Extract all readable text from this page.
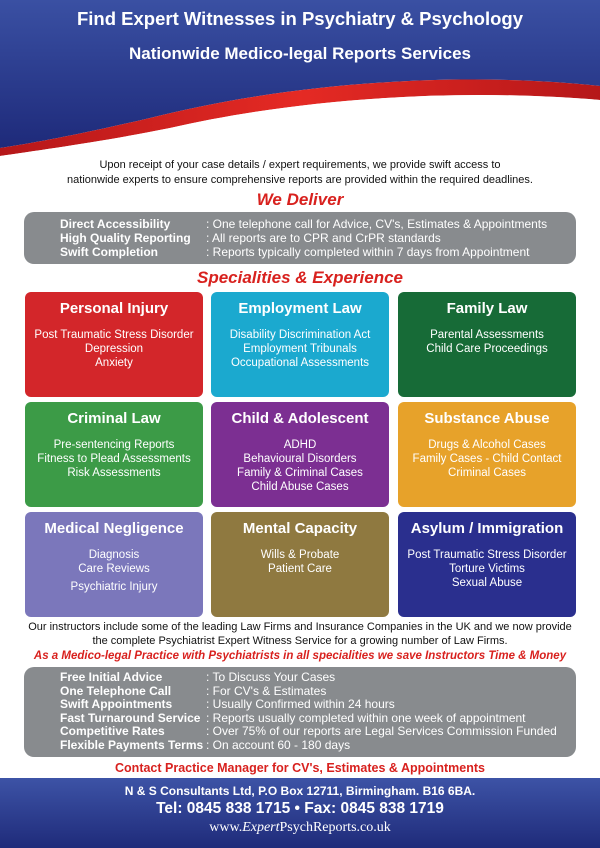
Find Expert Witnesses in Psychiatry & Psychology
Nationwide Medico-legal Reports Services
Upon receipt of your case details / expert requirements, we provide swift access to
nationwide experts to ensure comprehensive reports are provided within the required deadlines.
We Deliver
Direct Accessibility	: One telephone call for Advice, CV's, Estimates & Appointments
High Quality Reporting	: All reports are to CPR and CrPR standards
Swift Completion	: Reports typically completed within 7 days from Appointment
Specialities & Experience
Personal Injury
Post Traumatic Stress Disorder
Depression
Anxiety
Employment Law
Disability Discrimination Act
Employment Tribunals
Occupational Assessments
Family Law
Parental Assessments
Child Care Proceedings
Criminal Law
Pre-sentencing Reports
Fitness to Plead Assessments
Risk Assessments
Child & Adolescent
ADHD
Behavioural Disorders
Family & Criminal Cases
Child Abuse Cases
Substance Abuse
Drugs & Alcohol Cases
Family Cases - Child Contact
Criminal Cases
Medical Negligence
Diagnosis
Care Reviews
Psychiatric Injury
Mental Capacity
Wills & Probate
Patient Care
Asylum / Immigration
Post Traumatic Stress Disorder
Torture Victims
Sexual Abuse
Our instructors include some of the leading Law Firms and Insurance Companies in the UK and we now provide
the complete Psychiatrist Expert Witness Service for a growing number of Law Firms.
As a Medico-legal Practice with Psychiatrists in all specialities we save Instructors Time & Money
Free Initial Advice	: To Discuss Your Cases
One Telephone Call	: For CV's & Estimates
Swift Appointments	: Usually Confirmed within 24 hours
Fast Turnaround Service : Reports usually completed within one week of appointment
Competitive Rates	: Over 75% of our reports are Legal Services Commission Funded
Flexible Payments Terms : On account 60 - 180 days
Contact Practice Manager for CV's, Estimates & Appointments
N & S Consultants Ltd, P.O Box 12711, Birmingham. B16 6BA.
Tel: 0845 838 1715 • Fax: 0845 838 1719
www.ExpertPsychReports.co.uk
